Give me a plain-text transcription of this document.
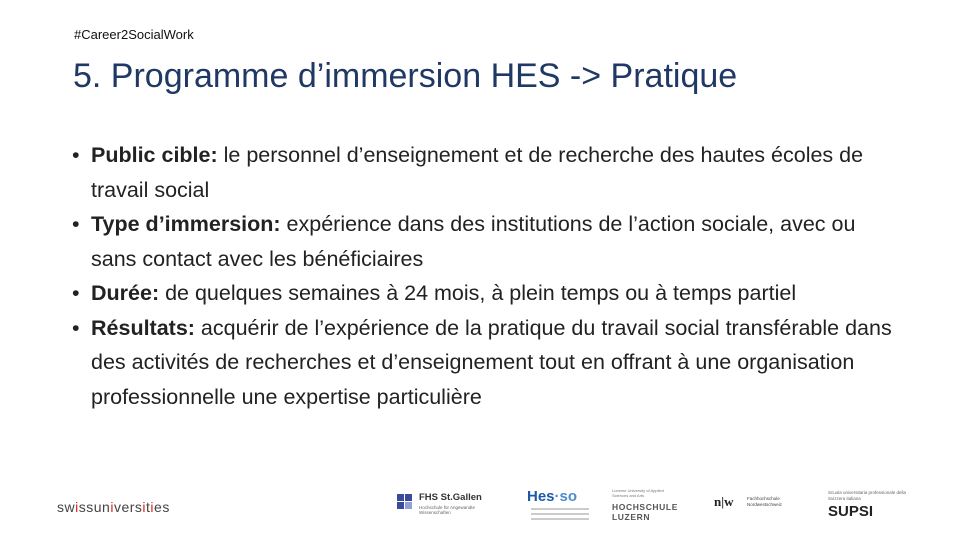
#Career2SocialWork
5. Programme d’immersion HES -> Pratique
• Public cible: le personnel d’enseignement et de recherche des hautes écoles de travail social
• Type d’immersion: expérience dans des institutions de l’action sociale, avec ou sans contact avec les bénéficiaires
• Durée: de quelques semaines à 24 mois, à plein temps ou à temps partiel
• Résultats: acquérir de l’expérience de la pratique du travail social transférable dans des activités de recherches et d’enseignement tout en offrant à une organisation professionnelle une expertise particulière
swissuniversities
FHS St.Gallen
Hochschule für Angewandte Wissenschaften
Hes·so	Lucerne University of Applied Sciences and Arts
HOCHSCHULE
LUZERN
n|w	Fachhochschule Nordwestschweiz
Scuola universitaria professionale della Svizzera italiana
SUPSI
